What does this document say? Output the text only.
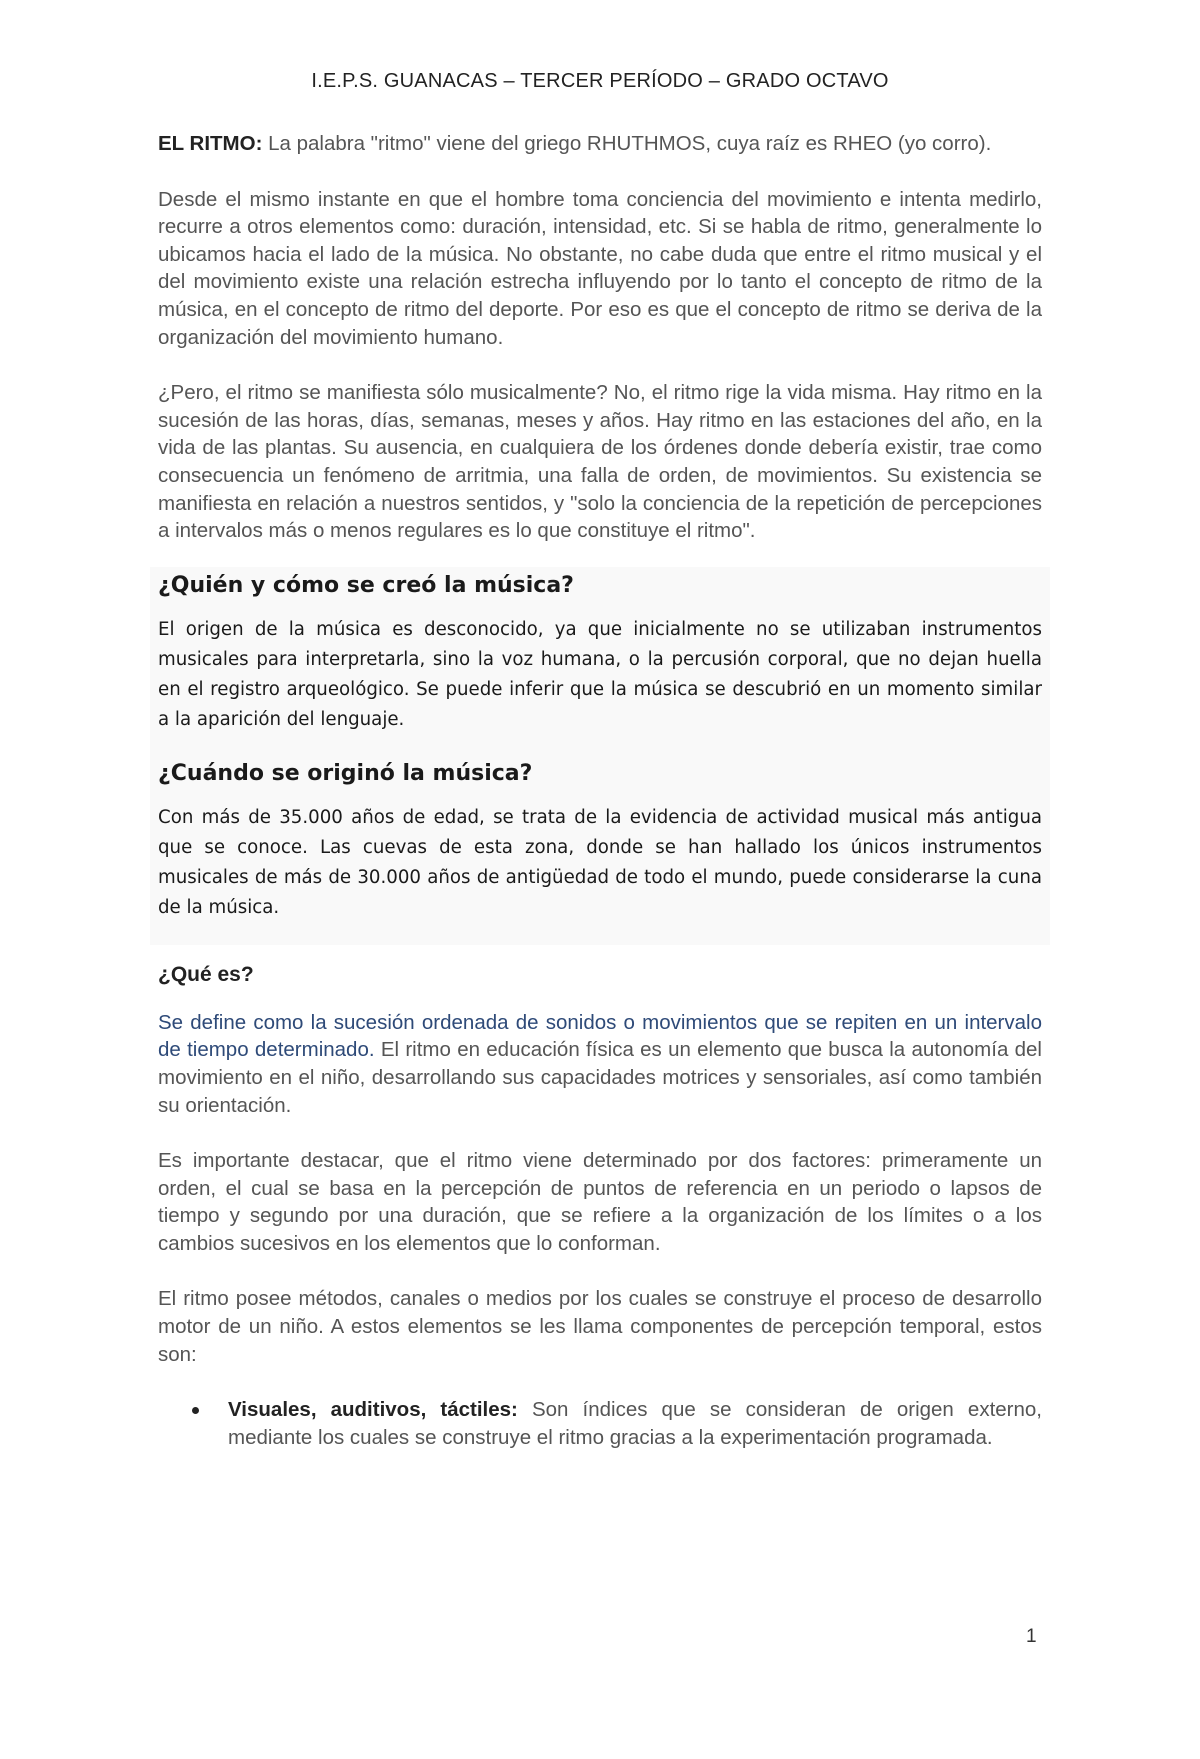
I.E.P.S. GUANACAS – TERCER PERÍODO – GRADO OCTAVO

EL RITMO: La palabra "ritmo" viene del griego RHUTHMOS, cuya raíz es RHEO (yo corro).

Desde el mismo instante en que el hombre toma conciencia del movimiento e intenta medirlo, recurre a otros elementos como: duración, intensidad, etc. Si se habla de ritmo, generalmente lo ubicamos hacia el lado de la música. No obstante, no cabe duda que entre el ritmo musical y el del movimiento existe una relación estrecha influyendo por lo tanto el concepto de ritmo de la música, en el concepto de ritmo del deporte. Por eso es que el concepto de ritmo se deriva de la organización del movimiento humano.

¿Pero, el ritmo se manifiesta sólo musicalmente? No, el ritmo rige la vida misma. Hay ritmo en la sucesión de las horas, días, semanas, meses y años. Hay ritmo en las estaciones del año, en la vida de las plantas. Su ausencia, en cualquiera de los órdenes donde debería existir, trae como consecuencia un fenómeno de arritmia, una falla de orden, de movimientos. Su existencia se manifiesta en relación a nuestros sentidos, y "solo la conciencia de la repetición de percepciones a intervalos más o menos regulares es lo que constituye el ritmo".

¿Quién y cómo se creó la música?
El origen de la música es desconocido, ya que inicialmente no se utilizaban instrumentos musicales para interpretarla, sino la voz humana, o la percusión corporal, que no dejan huella en el registro arqueológico. Se puede inferir que la música se descubrió en un momento similar a la aparición del lenguaje.
¿Cuándo se originó la música?
Con más de 35.000 años de edad, se trata de la evidencia de actividad musical más antigua que se conoce. Las cuevas de esta zona, donde se han hallado los únicos instrumentos musicales de más de 30.000 años de antigüedad de todo el mundo, puede considerarse la cuna de la música.
¿Qué es?

Se define como la sucesión ordenada de sonidos o movimientos que se repiten en un intervalo de tiempo determinado. El ritmo en educación física es un elemento que busca la autonomía del movimiento en el niño, desarrollando sus capacidades motrices y sensoriales, así como también su orientación.

Es importante destacar, que el ritmo viene determinado por dos factores: primeramente un orden, el cual se basa en la percepción de puntos de referencia en un periodo o lapsos de tiempo y segundo por una duración, que se refiere a la organización de los límites o a los cambios sucesivos en los elementos que lo conforman.

El ritmo posee métodos, canales o medios por los cuales se construye el proceso de desarrollo motor de un niño. A estos elementos se les llama componentes de percepción temporal, estos son:

Visuales, auditivos, táctiles: Son índices que se consideran de origen externo, mediante los cuales se construye el ritmo gracias a la experimentación programada.
1
